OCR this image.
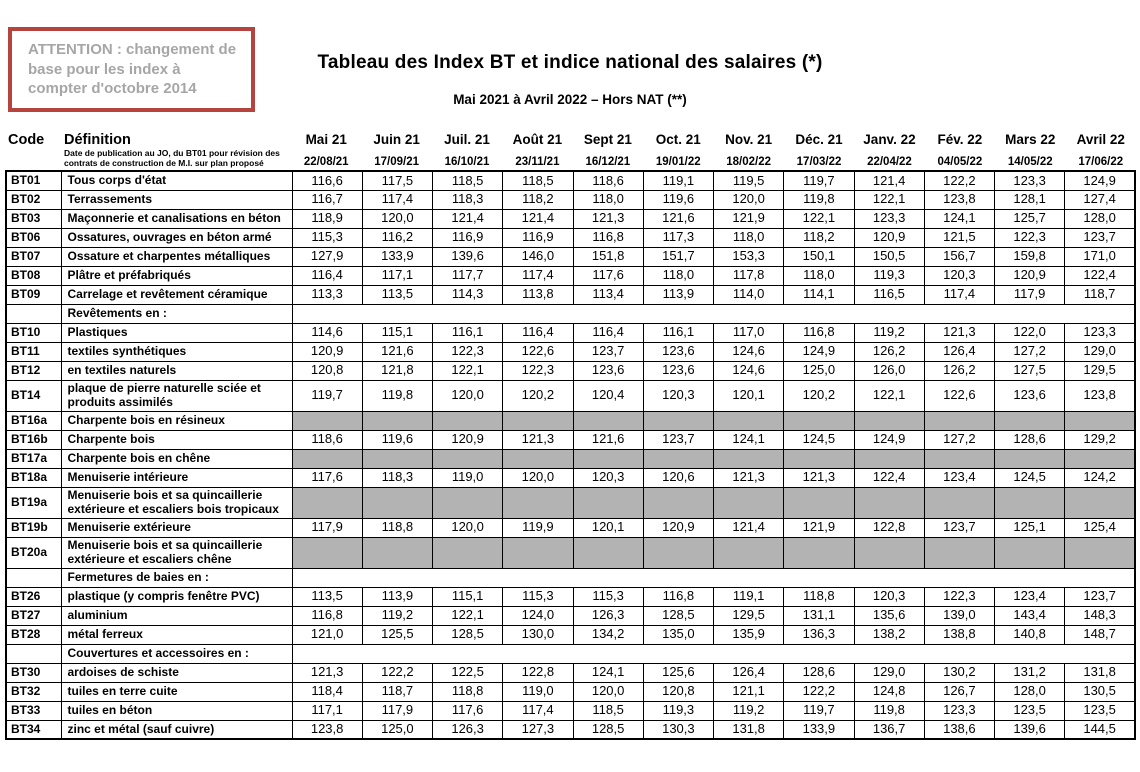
ATTENTION : changement de base pour les index à compter d'octobre 2014
Tableau des Index BT et indice national des salaires (*)
Mai 2021 à Avril 2022 – Hors NAT (**)
Code	Définition	Mai 21	Juin 21	Juil. 21	Août 21	Sept 21	Oct. 21	Nov. 21	Déc. 21	Janv. 22	Fév. 22	Mars 22	Avril 22
	Date de publication au JO, du BT01 pour révision des contrats de construction de M.I. sur plan proposé	22/08/21	17/09/21	16/10/21	23/11/21	16/12/21	19/01/22	18/02/22	17/03/22	22/04/22	04/05/22	14/05/22	17/06/22
BT01	Tous corps d'état	116,6	117,5	118,5	118,5	118,6	119,1	119,5	119,7	121,4	122,2	123,3	124,9
BT02	Terrassements	116,7	117,4	118,3	118,2	118,0	119,6	120,0	119,8	122,1	123,8	128,1	127,4
BT03	Maçonnerie et canalisations en béton	118,9	120,0	121,4	121,4	121,3	121,6	121,9	122,1	123,3	124,1	125,7	128,0
BT06	Ossatures, ouvrages en béton armé	115,3	116,2	116,9	116,9	116,8	117,3	118,0	118,2	120,9	121,5	122,3	123,7
BT07	Ossature et charpentes métalliques	127,9	133,9	139,6	146,0	151,8	151,7	153,3	150,1	150,5	156,7	159,8	171,0
BT08	Plâtre et préfabriqués	116,4	117,1	117,7	117,4	117,6	118,0	117,8	118,0	119,3	120,3	120,9	122,4
BT09	Carrelage et revêtement céramique	113,3	113,5	114,3	113,8	113,4	113,9	114,0	114,1	116,5	117,4	117,9	118,7
	Revêtements en :												
BT10	Plastiques	114,6	115,1	116,1	116,4	116,4	116,1	117,0	116,8	119,2	121,3	122,0	123,3
BT11	textiles synthétiques	120,9	121,6	122,3	122,6	123,7	123,6	124,6	124,9	126,2	126,4	127,2	129,0
BT12	en textiles naturels	120,8	121,8	122,1	122,3	123,6	123,6	124,6	125,0	126,0	126,2	127,5	129,5
BT14	plaque de pierre naturelle sciée et produits assimilés	119,7	119,8	120,0	120,2	120,4	120,3	120,1	120,2	122,1	122,6	123,6	123,8
BT16a	Charpente bois en résineux												
BT16b	Charpente bois	118,6	119,6	120,9	121,3	121,6	123,7	124,1	124,5	124,9	127,2	128,6	129,2
BT17a	Charpente bois en chêne												
BT18a	Menuiserie intérieure	117,6	118,3	119,0	120,0	120,3	120,6	121,3	121,3	122,4	123,4	124,5	124,2
BT19a	Menuiserie bois et sa quincaillerie extérieure et escaliers bois tropicaux												
BT19b	Menuiserie extérieure	117,9	118,8	120,0	119,9	120,1	120,9	121,4	121,9	122,8	123,7	125,1	125,4
BT20a	Menuiserie bois et sa quincaillerie extérieure et escaliers chêne												
	Fermetures de baies en :												
BT26	plastique (y compris fenêtre PVC)	113,5	113,9	115,1	115,3	115,3	116,8	119,1	118,8	120,3	122,3	123,4	123,7
BT27	aluminium	116,8	119,2	122,1	124,0	126,3	128,5	129,5	131,1	135,6	139,0	143,4	148,3
BT28	métal ferreux	121,0	125,5	128,5	130,0	134,2	135,0	135,9	136,3	138,2	138,8	140,8	148,7
	Couvertures et accessoires en :												
BT30	ardoises de schiste	121,3	122,2	122,5	122,8	124,1	125,6	126,4	128,6	129,0	130,2	131,2	131,8
BT32	tuiles en terre cuite	118,4	118,7	118,8	119,0	120,0	120,8	121,1	122,2	124,8	126,7	128,0	130,5
BT33	tuiles en béton	117,1	117,9	117,6	117,4	118,5	119,3	119,2	119,7	119,8	123,3	123,5	123,5
BT34	zinc et métal (sauf cuivre)	123,8	125,0	126,3	127,3	128,5	130,3	131,8	133,9	136,7	138,6	139,6	144,5
